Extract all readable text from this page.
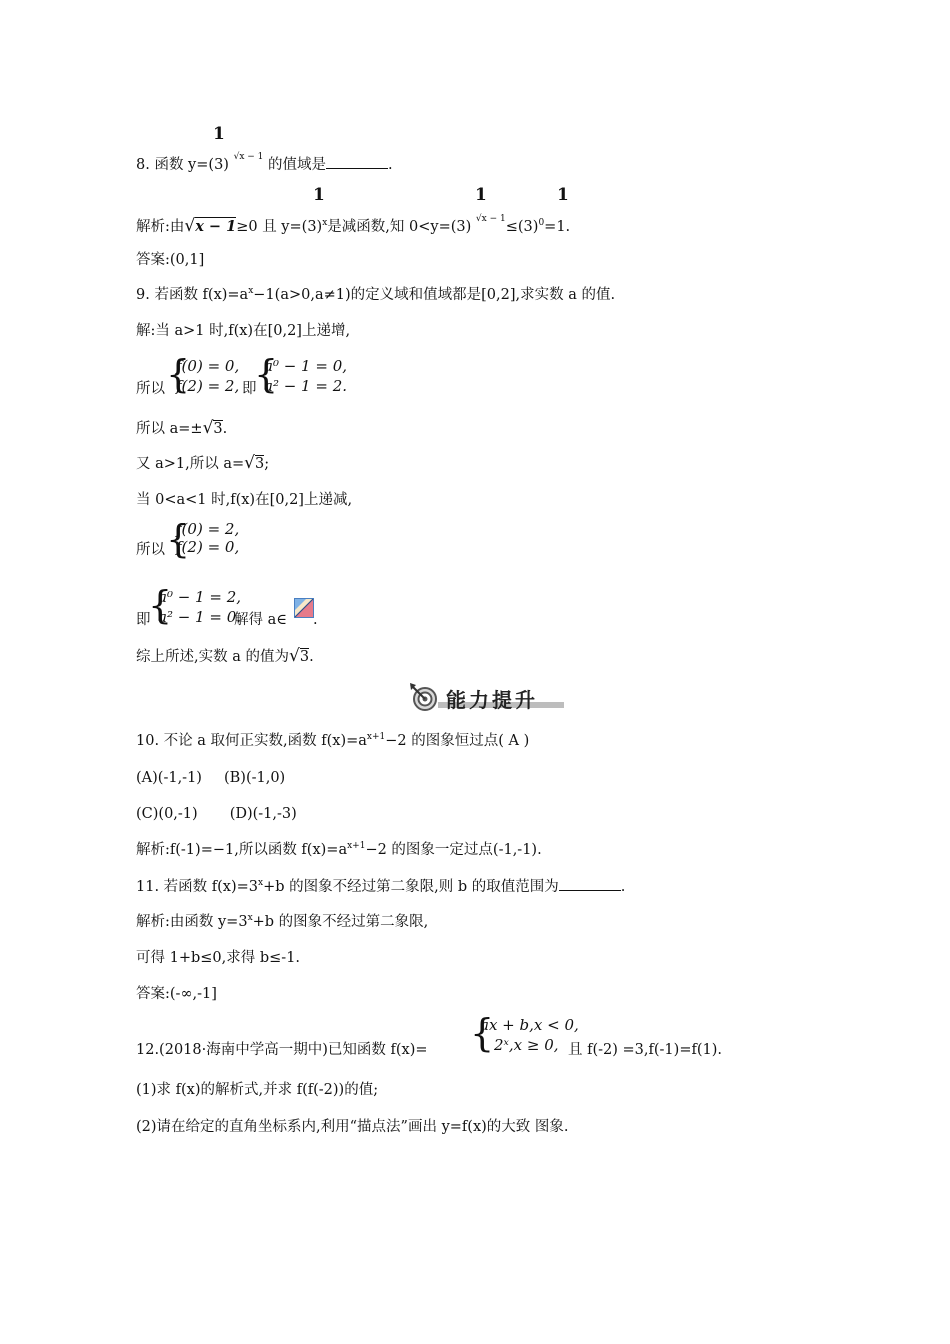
1
8. 函数 y=(3) $^{√x - 1}$ 的值域是	.
1	1	1
解析:由√x − 1≥0 且 $y=(3)^x$是减函数,知 0<y=(3) $^{√x - 1}\le(3)^0=1$.
答案:(0,1]
9. 若函数 $f(x)=a^x-1(a>0,a\ne 1)$的定义域和值域都是[0,2],求实数 a 的值.
解:当 a>1 时,f(x)在[0,2]上递增,
所以 {
f(0) = 0,
f(2) = 2, 即
{
a⁰ − 1 = 0,
a² − 1 = 2.
所以 a=±√3.
又 a>1,所以 a=√3;
当 0<a<1 时,f(x)在[0,2]上递减,
所以 {
f(0) = 2,
f(2) = 0,
即
{
a⁰ − 1 = 2,
a² − 1 = 0.
解得 a∈ .
综上所述,实数 a 的值为√3.
能力提升
10. 不论 a 取何正实数,函数 $f(x)=a^{x+1}-2$ 的图象恒过点( A )
(A)(-1,-1) (B)(-1,0)
(C)(0,-1) (D)(-1,-3)
解析:f(-1)=−1,所以函数 $f(x)=a^{x+1}-2$ 的图象一定过点(-1,-1).
11. 若函数 $f(x)=3^x+b$ 的图象不经过第二象限,则 b 的取值范围为	.
解析:由函数 $y=3^x+b$ 的图象不经过第二象限,
可得 1+b≤0,求得 b≤-1.
答案:(-∞,-1]
12.(2018·海南中学高一期中)已知函数 f(x)= {
ax + b,x < 0,
2ˣ,x ≥ 0, 且 f(-2) =3,f(-1)=f(1).
(1)求 f(x)的解析式,并求 f(f(-2))的值;
(2)请在给定的直角坐标系内,利用“描点法”画出 y=f(x)的大致 图象.
